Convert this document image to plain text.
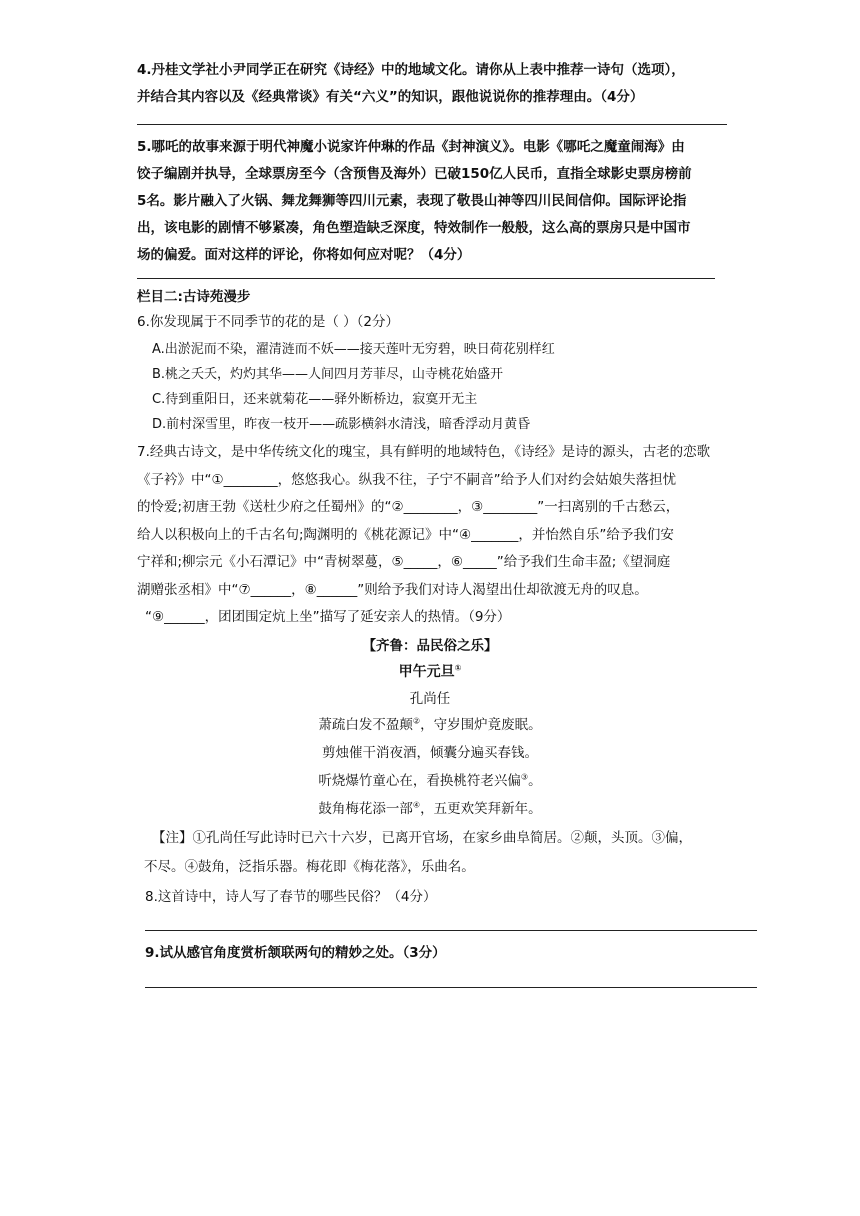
4.丹桂文学社小尹同学正在研究《诗经》中的地域文化。请你从上表中推荐一诗句（选项），
并结合其内容以及《经典常谈》有关“六义”的知识，跟他说说你的推荐理由。（4分）
5.哪吒的故事来源于明代神魔小说家许仲琳的作品《封神演义》。电影《哪吒之魔童闹海》由
饺子编剧并执导，全球票房至今（含预售及海外）已破150亿人民币，直指全球影史票房榜前
5名。影片融入了火锅、舞龙舞狮等四川元素，表现了敬畏山神等四川民间信仰。国际评论指
出，该电影的剧情不够紧凑，角色塑造缺乏深度，特效制作一般般，这么高的票房只是中国市
场的偏爱。面对这样的评论，你将如何应对呢？（4分）
栏目二:古诗苑漫步
6.你发现属于不同季节的花的是（ ）（2分）
A.出淤泥而不染，濯清涟而不妖——接天莲叶无穷碧，映日荷花别样红
B.桃之夭夭，灼灼其华——人间四月芳菲尽，山寺桃花始盛开
C.待到重阳日，还来就菊花——驿外断桥边，寂寞开无主
D.前村深雪里，昨夜一枝开——疏影横斜水清浅，暗香浮动月黄昏
7.经典古诗文，是中华传统文化的瑰宝，具有鲜明的地域特色，《诗经》是诗的源头，古老的恋歌
《子衿》中“①________，悠悠我心。纵我不往，子宁不嗣音”给予人们对约会姑娘失落担忧
的怜爱;初唐王勃《送杜少府之任蜀州》的“②________，③________”一扫离别的千古愁云，
给人以积极向上的千古名句;陶渊明的《桃花源记》中“④_______，并怡然自乐”给予我们安
宁祥和;柳宗元《小石潭记》中“青树翠蔓，⑤_____，⑥_____”给予我们生命丰盈;《望洞庭
湖赠张丞相》中“⑦______，⑧______”则给予我们对诗人渴望出仕却欲渡无舟的叹息。
“⑨______，团团围定炕上坐”描写了延安亲人的热情。（9分）
【齐鲁：品民俗之乐】
甲午元旦①
孔尚任
萧疏白发不盈颠②，守岁围炉竟废眠。
剪烛催干消夜酒，倾囊分遍买春钱。
听烧爆竹童心在，看换桃符老兴偏③。
鼓角梅花添一部④，五更欢笑拜新年。
【注】①孔尚任写此诗时已六十六岁，已离开官场，在家乡曲阜简居。②颠，头顶。③偏，
不尽。④鼓角，泛指乐器。梅花即《梅花落》，乐曲名。
8.这首诗中，诗人写了春节的哪些民俗？（4分）
9.试从感官角度赏析颔联两句的精妙之处。（3分）
